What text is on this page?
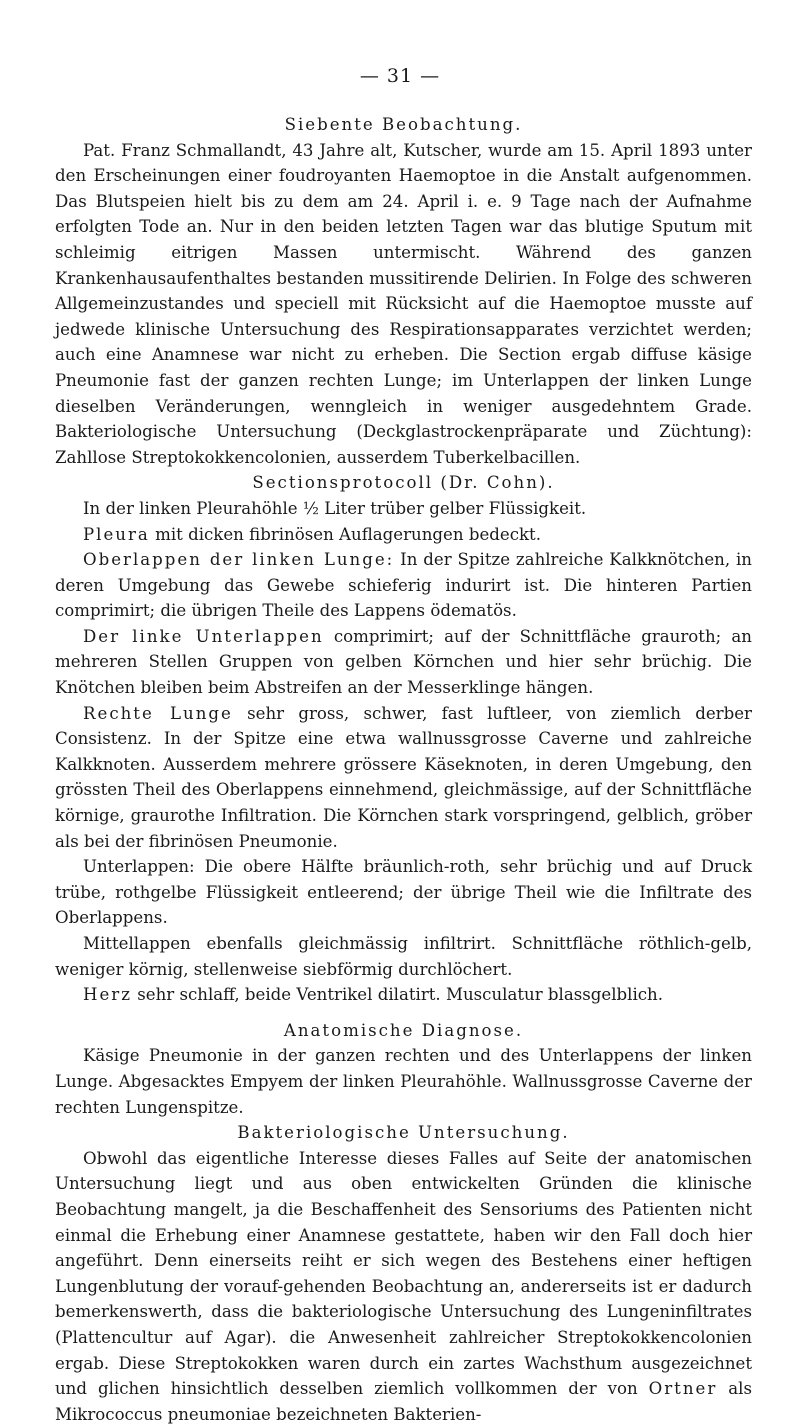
— 31 —
Siebente Beobachtung.

Pat. Franz Schmallandt, 43 Jahre alt, Kutscher, wurde am 15. April 1893 unter den Erscheinungen einer foudroyanten Haemoptoe in die Anstalt aufgenommen. Das Blutspeien hielt bis zu dem am 24. April i. e. 9 Tage nach der Aufnahme erfolgten Tode an. Nur in den beiden letzten Tagen war das blutige Sputum mit schleimig eitrigen Massen untermischt. Während des ganzen Krankenhausaufenthaltes bestanden mussitirende Delirien. In Folge des schweren Allgemeinzustandes und speciell mit Rücksicht auf die Haemoptoe musste auf jedwede klinische Untersuchung des Respirationsapparates verzichtet werden; auch eine Anamnese war nicht zu erheben. Die Section ergab diffuse käsige Pneumonie fast der ganzen rechten Lunge; im Unterlappen der linken Lunge dieselben Veränderungen, wenngleich in weniger ausgedehntem Grade. Bakteriologische Untersuchung (Deckglastrockenpräparate und Züchtung): Zahllose Streptokokkencolonien, ausserdem Tuberkelbacillen.

Sectionsprotocoll (Dr. Cohn).

In der linken Pleurahöhle ½ Liter trüber gelber Flüssigkeit.

Pleura mit dicken fibrinösen Auflagerungen bedeckt.

Oberlappen der linken Lunge: In der Spitze zahlreiche Kalkknötchen, in deren Umgebung das Gewebe schieferig indurirt ist. Die hinteren Partien comprimirt; die übrigen Theile des Lappens ödematös.

Der linke Unterlappen comprimirt; auf der Schnittfläche grauroth; an mehreren Stellen Gruppen von gelben Körnchen und hier sehr brüchig. Die Knötchen bleiben beim Abstreifen an der Messerklinge hängen.

Rechte Lunge sehr gross, schwer, fast luftleer, von ziemlich derber Consistenz. In der Spitze eine etwa wallnussgrosse Caverne und zahlreiche Kalkknoten. Ausserdem mehrere grössere Käseknoten, in deren Umgebung, den grössten Theil des Oberlappens einnehmend, gleichmässige, auf der Schnittfläche körnige, graurothe Infiltration. Die Körnchen stark vorspringend, gelblich, gröber als bei der fibrinösen Pneumonie.

Unterlappen: Die obere Hälfte bräunlich-roth, sehr brüchig und auf Druck trübe, rothgelbe Flüssigkeit entleerend; der übrige Theil wie die Infiltrate des Oberlappens.

Mittellappen ebenfalls gleichmässig infiltrirt. Schnittfläche röthlich-gelb, weniger körnig, stellenweise siebförmig durchlöchert.

Herz sehr schlaff, beide Ventrikel dilatirt. Musculatur blassgelblich.

Anatomische Diagnose.

Käsige Pneumonie in der ganzen rechten und des Unterlappens der linken Lunge. Abgesacktes Empyem der linken Pleurahöhle. Wallnussgrosse Caverne der rechten Lungenspitze.

Bakteriologische Untersuchung.

Obwohl das eigentliche Interesse dieses Falles auf Seite der anatomischen Untersuchung liegt und aus oben entwickelten Gründen die klinische Beobachtung mangelt, ja die Beschaffenheit des Sensoriums des Patienten nicht einmal die Erhebung einer Anamnese gestattete, haben wir den Fall doch hier angeführt. Denn einerseits reiht er sich wegen des Bestehens einer heftigen Lungenblutung der vorauf-gehenden Beobachtung an, andererseits ist er dadurch bemerkenswerth, dass die bakteriologische Untersuchung des Lungeninfiltrates (Plattencultur auf Agar). die Anwesenheit zahlreicher Streptokokkencolonien ergab. Diese Streptokokken waren durch ein zartes Wachsthum ausgezeichnet und glichen hinsichtlich desselben ziemlich vollkommen der von Ortner als Mikrococcus pneumoniae bezeichneten Bakterien-
